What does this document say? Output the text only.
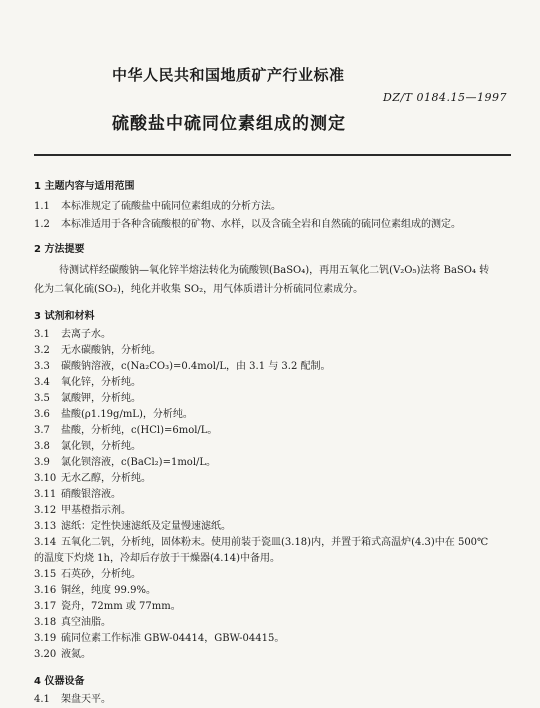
中华人民共和国地质矿产行业标准
DZ/T 0184.15—1997
硫酸盐中硫同位素组成的测定
1 主题内容与适用范围
1.1 本标准规定了硫酸盐中硫同位素组成的分析方法。
1.2 本标准适用于各种含硫酸根的矿物、水样，以及含硫全岩和自然硫的硫同位素组成的测定。
2 方法提要
待测试样经碳酸钠—氧化锌半熔法转化为硫酸钡(BaSO₄)，再用五氧化二钒(V₂O₅)法将 BaSO₄ 转
化为二氧化硫(SO₂)，纯化并收集 SO₂，用气体质谱计分析硫同位素成分。
3 试剂和材料
3.1 去离子水。
3.2 无水碳酸钠，分析纯。
3.3 碳酸钠溶液，c(Na₂CO₃)=0.4mol/L，由 3.1 与 3.2 配制。
3.4 氧化锌，分析纯。
3.5 氯酸钾，分析纯。
3.6 盐酸(ρ1.19g/mL)，分析纯。
3.7 盐酸，分析纯，c(HCl)=6mol/L。
3.8 氯化钡，分析纯。
3.9 氯化钡溶液，c(BaCl₂)=1mol/L。
3.10 无水乙醇，分析纯。
3.11 硝酸银溶液。
3.12 甲基橙指示剂。
3.13 滤纸：定性快速滤纸及定量慢速滤纸。
3.14 五氧化二钒，分析纯，固体粉末。使用前装于瓷皿(3.18)内，并置于箱式高温炉(4.3)中在 500℃
的温度下灼烧 1h，冷却后存放于干燥器(4.14)中备用。
3.15 石英砂，分析纯。
3.16 铜丝，纯度 99.9%。
3.17 瓷舟，72mm 或 77mm。
3.18 真空油脂。
3.19 硫同位素工作标准 GBW-04414，GBW-04415。
3.20 液氮。
4 仪器设备
4.1 架盘天平。
